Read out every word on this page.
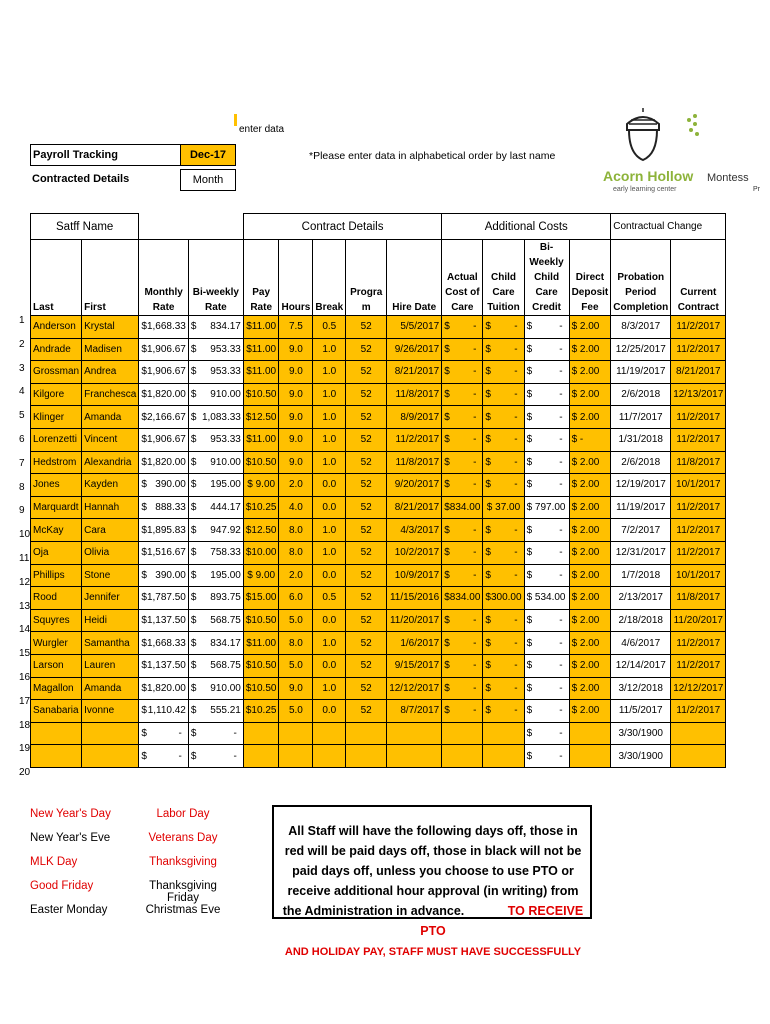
enter data
Payroll Tracking	Dec-17
Contracted Details	Month
*Please enter data in alphabetical order by last name
Acorn Hollow
early learning center
Montess
Pr
1
2
3
4
5
6
7
8
9
10
11
12
13
14
15
16
17
18
19
20
Satff Name				Contract Details					Additional Costs				Contractual Change	
Last	First	Monthly Rate	Bi-weekly Rate	Pay Rate	Hours	Break	Progra m	Hire Date	Actual Cost of Care	Child Care Tuition	Bi-Weekly Child Care Credit	Direct Deposit Fee	Probation Period Completion	Current Contract
Anderson	Krystal	$ 1,668.33	$ 834.17	$11.00	7.5	0.5	52	5/5/2017	$ -	$ -	$ -	$ 2.00	8/3/2017	11/2/2017
Andrade	Madisen	$ 1,906.67	$ 953.33	$11.00	9.0	1.0	52	9/26/2017	$ -	$ -	$ -	$ 2.00	12/25/2017	11/2/2017
Grossman	Andrea	$ 1,906.67	$ 953.33	$11.00	9.0	1.0	52	8/21/2017	$ -	$ -	$ -	$ 2.00	11/19/2017	8/21/2017
Kilgore	Franchesca	$ 1,820.00	$ 910.00	$10.50	9.0	1.0	52	11/8/2017	$ -	$ -	$ -	$ 2.00	2/6/2018	12/13/2017
Klinger	Amanda	$ 2,166.67	$ 1,083.33	$12.50	9.0	1.0	52	8/9/2017	$ -	$ -	$ -	$ 2.00	11/7/2017	11/2/2017
Lorenzetti	Vincent	$ 1,906.67	$ 953.33	$11.00	9.0	1.0	52	11/2/2017	$ -	$ -	$ -	$ -	1/31/2018	11/2/2017
Hedstrom	Alexandria	$ 1,820.00	$ 910.00	$10.50	9.0	1.0	52	11/8/2017	$ -	$ -	$ -	$ 2.00	2/6/2018	11/8/2017
Jones	Kayden	$ 390.00	$ 195.00	$ 9.00	2.0	0.0	52	9/20/2017	$ -	$ -	$ -	$ 2.00	12/19/2017	10/1/2017
Marquardt	Hannah	$ 888.33	$ 444.17	$10.25	4.0	0.0	52	8/21/2017	$834.00	$ 37.00	$ 797.00	$ 2.00	11/19/2017	11/2/2017
McKay	Cara	$ 1,895.83	$ 947.92	$12.50	8.0	1.0	52	4/3/2017	$ -	$ -	$ -	$ 2.00	7/2/2017	11/2/2017
Oja	Olivia	$ 1,516.67	$ 758.33	$10.00	8.0	1.0	52	10/2/2017	$ -	$ -	$ -	$ 2.00	12/31/2017	11/2/2017
Phillips	Stone	$ 390.00	$ 195.00	$ 9.00	2.0	0.0	52	10/9/2017	$ -	$ -	$ -	$ 2.00	1/7/2018	10/1/2017
Rood	Jennifer	$ 1,787.50	$ 893.75	$15.00	6.0	0.5	52	11/15/2016	$834.00	$300.00	$ 534.00	$ 2.00	2/13/2017	11/8/2017
Squyres	Heidi	$ 1,137.50	$ 568.75	$10.50	5.0	0.0	52	11/20/2017	$ -	$ -	$ -	$ 2.00	2/18/2018	11/20/2017
Wurgler	Samantha	$ 1,668.33	$ 834.17	$11.00	8.0	1.0	52	1/6/2017	$ -	$ -	$ -	$ 2.00	4/6/2017	11/2/2017
Larson	Lauren	$ 1,137.50	$ 568.75	$10.50	5.0	0.0	52	9/15/2017	$ -	$ -	$ -	$ 2.00	12/14/2017	11/2/2017
Magallon	Amanda	$ 1,820.00	$ 910.00	$10.50	9.0	1.0	52	12/12/2017	$ -	$ -	$ -	$ 2.00	3/12/2018	12/12/2017
Sanabaria	Ivonne	$ 1,110.42	$ 555.21	$10.25	5.0	0.0	52	8/7/2017	$ -	$ -	$ -	$ 2.00	11/5/2017	11/2/2017

		$ -	$ -								$ -		3/30/1900	

		$ -	$ -								$ -		3/30/1900	
New Year's Day
New Year's Eve
MLK Day
Good Friday
Easter Monday
Labor Day
Veterans Day
Thanksgiving
Thanksgiving Friday
Christmas Eve
All Staff will have the following days off, those in red will be paid days off, those in black will not be paid days off, unless you choose to use PTO or receive additional hour approval (in writing) from the Administration in advance.	TO RECEIVE PTO
AND HOLIDAY PAY, STAFF MUST HAVE SUCCESSFULLY
